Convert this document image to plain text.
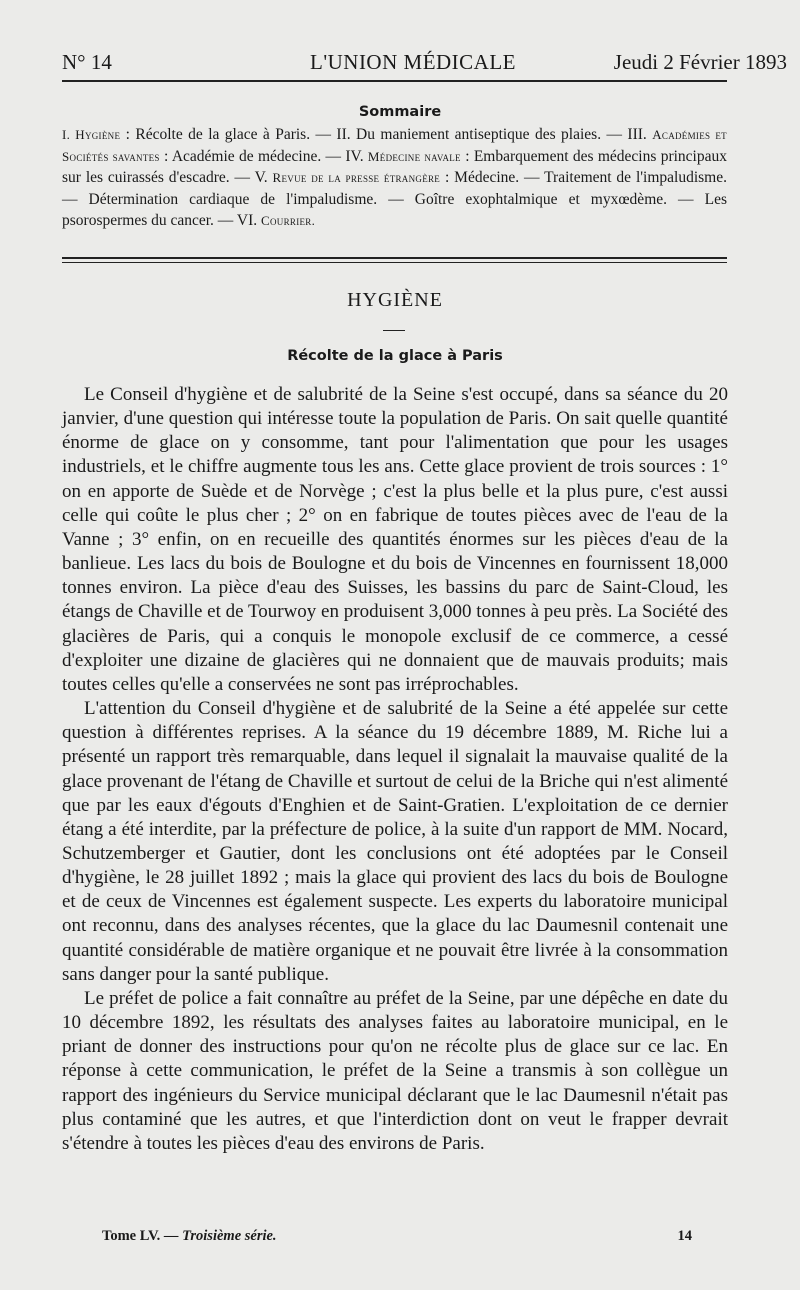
N° 14	L'UNION MÉDICALE	Jeudi 2 Février 1893
Sommaire
I. Hygiène : Récolte de la glace à Paris. — II. Du maniement antiseptique des plaies. — III. Académies et Sociétés savantes : Académie de médecine. — IV. Médecine navale : Embarquement des médecins principaux sur les cuirassés d'escadre. — V. Revue de la presse étrangère : Médecine. — Traitement de l'impaludisme. — Détermination cardiaque de l'impaludisme. — Goître exophtalmique et myxœdème. — Les psorospermes du cancer. — VI. Courrier.
HYGIÈNE
Récolte de la glace à Paris

Le Conseil d'hygiène et de salubrité de la Seine s'est occupé, dans sa séance du 20 janvier, d'une question qui intéresse toute la population de Paris. On sait quelle quantité énorme de glace on y consomme, tant pour l'alimentation que pour les usages industriels, et le chiffre augmente tous les ans. Cette glace provient de trois sources : 1° on en apporte de Suède et de Norvège ; c'est la plus belle et la plus pure, c'est aussi celle qui coûte le plus cher ; 2° on en fabrique de toutes pièces avec de l'eau de la Vanne ; 3° enfin, on en recueille des quantités énormes sur les pièces d'eau de la banlieue. Les lacs du bois de Boulogne et du bois de Vincennes en fournissent 18,000 tonnes environ. La pièce d'eau des Suisses, les bassins du parc de Saint-Cloud, les étangs de Chaville et de Tourwoy en produisent 3,000 tonnes à peu près. La Société des glacières de Paris, qui a conquis le monopole exclusif de ce commerce, a cessé d'exploiter une dizaine de glacières qui ne donnaient que de mauvais produits; mais toutes celles qu'elle a conservées ne sont pas irréprochables.

L'attention du Conseil d'hygiène et de salubrité de la Seine a été appelée sur cette question à différentes reprises. A la séance du 19 décembre 1889, M. Riche lui a présenté un rapport très remarquable, dans lequel il signalait la mauvaise qualité de la glace provenant de l'étang de Chaville et surtout de celui de la Briche qui n'est alimenté que par les eaux d'égouts d'Enghien et de Saint-Gratien. L'exploitation de ce dernier étang a été interdite, par la préfecture de police, à la suite d'un rapport de MM. Nocard, Schutzemberger et Gautier, dont les conclusions ont été adoptées par le Conseil d'hygiène, le 28 juillet 1892 ; mais la glace qui provient des lacs du bois de Boulogne et de ceux de Vincennes est également suspecte. Les experts du laboratoire municipal ont reconnu, dans des analyses récentes, que la glace du lac Daumesnil contenait une quantité considérable de matière organique et ne pouvait être livrée à la consommation sans danger pour la santé publique.

Le préfet de police a fait connaître au préfet de la Seine, par une dépêche en date du 10 décembre 1892, les résultats des analyses faites au laboratoire municipal, en le priant de donner des instructions pour qu'on ne récolte plus de glace sur ce lac. En réponse à cette communication, le préfet de la Seine a transmis à son collègue un rapport des ingénieurs du Service municipal déclarant que le lac Daumesnil n'était pas plus contaminé que les autres, et que l'interdiction dont on veut le frapper devrait s'étendre à toutes les pièces d'eau des environs de Paris.

Tome LV. — Troisième série.	14
